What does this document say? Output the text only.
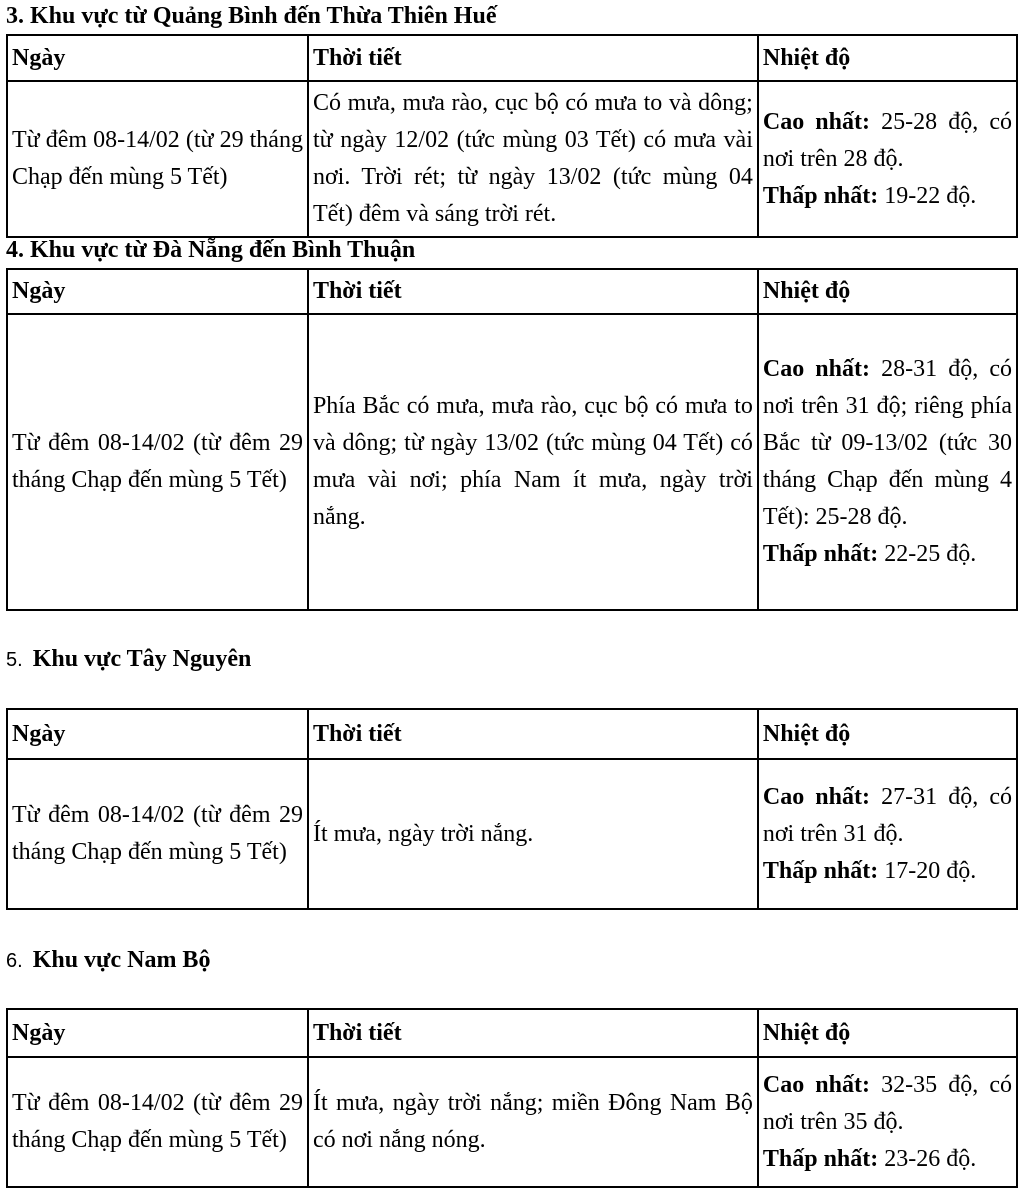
3. Khu vực từ Quảng Bình đến Thừa Thiên Huế
Ngày	Thời tiết	Nhiệt độ
Từ đêm 08-14/02 (từ 29 tháng Chạp đến mùng 5 Tết)	Có mưa, mưa rào, cục bộ có mưa to và dông; từ ngày 12/02 (tức mùng 03 Tết) có mưa vài nơi. Trời rét; từ ngày 13/02 (tức mùng 04 Tết) đêm và sáng trời rét.	Cao nhất: 25-28 độ, có nơi trên 28 độ.
Thấp nhất: 19-22 độ.
4. Khu vực từ Đà Nẵng đến Bình Thuận
Ngày	Thời tiết	Nhiệt độ
Từ đêm 08-14/02 (từ đêm 29 tháng Chạp đến mùng 5 Tết)	Phía Bắc có mưa, mưa rào, cục bộ có mưa to và dông; từ ngày 13/02 (tức mùng 04 Tết) có mưa vài nơi; phía Nam ít mưa, ngày trời nắng.	Cao nhất: 28-31 độ, có nơi trên 31 độ; riêng phía Bắc từ 09-13/02 (tức 30 tháng Chạp đến mùng 4 Tết): 25-28 độ.
Thấp nhất: 22-25 độ.
5. Khu vực Tây Nguyên
Ngày	Thời tiết	Nhiệt độ
Từ đêm 08-14/02 (từ đêm 29 tháng Chạp đến mùng 5 Tết)	Ít mưa, ngày trời nắng.	Cao nhất: 27-31 độ, có nơi trên 31 độ.
Thấp nhất: 17-20 độ.
6. Khu vực Nam Bộ
Ngày	Thời tiết	Nhiệt độ
Từ đêm 08-14/02 (từ đêm 29 tháng Chạp đến mùng 5 Tết)	Ít mưa, ngày trời nắng; miền Đông Nam Bộ có nơi nắng nóng.	Cao nhất: 32-35 độ, có nơi trên 35 độ.
Thấp nhất: 23-26 độ.
